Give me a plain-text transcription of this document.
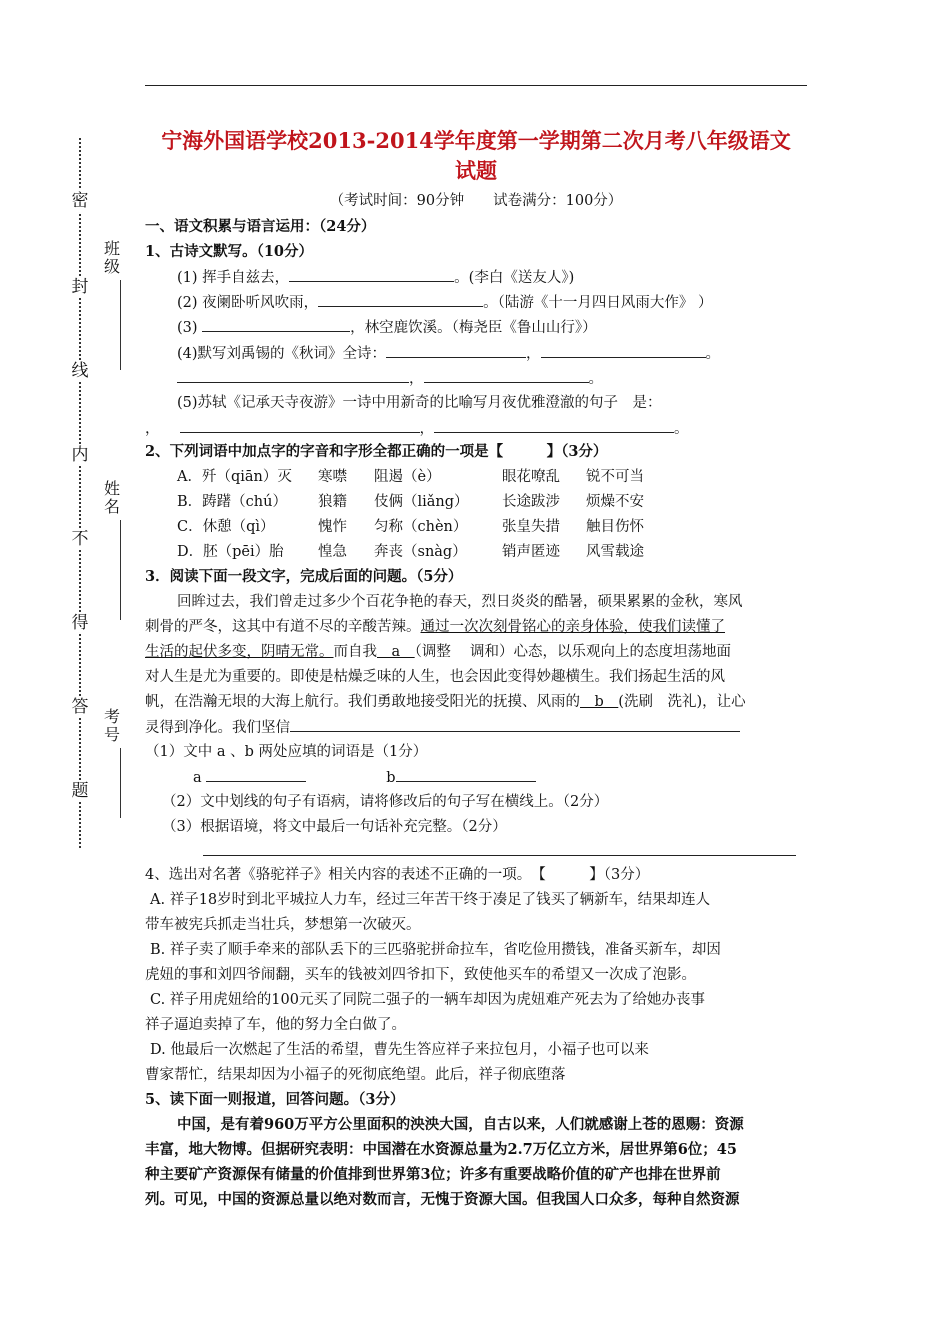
密
封
线
内
不
得
答
题
班级
姓名
考号
宁海外国语学校2013-2014学年度第一学期第二次月考八年级语文
试题
（考试时间：90分钟　　试卷满分：100分）
一、语文积累与语言运用：（24分）
1、古诗文默写。（10分）
(1) 挥手自兹去，	。(李白《送友人》)
(2) 夜阑卧听风吹雨，	。（陆游《十一月四日风雨大作》 ）
(3)	，林空鹿饮溪。（梅尧臣《鲁山山行》）
(4)默写刘禹锡的《秋词》全诗：	，	。
，	。
(5)苏轼《记承天寺夜游》一诗中用新奇的比喻写月夜优雅澄澈的句子　是：
，	，	。
2、下列词语中加点字的字音和字形全都正确的一项是【　　　】（3分）
A．歼（qiān）灭 寒噤 阻遏（è）	眼花嘹乱 锐不可当
B．踌躇（chú） 狼籍 伎俩（liǎng） 长途跋涉 烦燥不安
C．休憩（qì）	愧怍 匀称（chèn） 张皇失措 触目伤怀
D．胚（pēi）胎 惶急 奔丧（snàg） 销声匿迹 风雪载途
3．阅读下面一段文字，完成后面的问题。（5分）
回眸过去，我们曾走过多少个百花争艳的春天，烈日炎炎的酷暑，硕果累累的金秋，寒风
刺骨的严冬，这其中有道不尽的辛酸苦辣。通过一次次刻骨铭心的亲身体验，使我们读懂了
生活的起伏多变，阴晴无常。而自我　a　（调整　 调和）心态，以乐观向上的态度坦荡地面
对人生是尤为重要的。即使是枯燥乏味的人生，也会因此变得妙趣横生。我们扬起生活的风
帆，在浩瀚无垠的大海上航行。我们勇敢地接受阳光的抚摸、风雨的　b　(洗刷　洗礼)，让心
灵得到净化。我们坚信
（1）文中 a 、b 两处应填的词语是（1分）
a	b
（2）文中划线的句子有语病，请将修改后的句子写在横线上。（2分）
（3）根据语境，将文中最后一句话补充完整。（2分）
4、选出对名著《骆驼祥子》相关内容的表述不正确的一项。　【　　　】（3分）
A. 祥子18岁时到北平城拉人力车，经过三年苦干终于凑足了钱买了辆新车，结果却连人
带车被宪兵抓走当壮兵，梦想第一次破灭。
B. 祥子卖了顺手牵来的部队丢下的三匹骆驼拼命拉车，省吃俭用攒钱，准备买新车，却因
虎妞的事和刘四爷闹翻，买车的钱被刘四爷扣下，致使他买车的希望又一次成了泡影。
C. 祥子用虎妞给的100元买了同院二强子的一辆车却因为虎妞难产死去为了给她办丧事
祥子逼迫卖掉了车，他的努力全白做了。
D. 他最后一次燃起了生活的希望，曹先生答应祥子来拉包月，小福子也可以来
曹家帮忙，结果却因为小福子的死彻底绝望。此后，祥子彻底堕落
5、读下面一则报道，回答问题。（3分）
中国，是有着960万平方公里面积的泱泱大国，自古以来，人们就感谢上苍的恩赐：资源
丰富，地大物博。但据研究表明：中国潜在水资源总量为2.7万亿立方米，居世界第6位；45
种主要矿产资源保有储量的价值排到世界第3位；许多有重要战略价值的矿产也排在世界前
列。可见，中国的资源总量以绝对数而言，无愧于资源大国。但我国人口众多，每种自然资源
